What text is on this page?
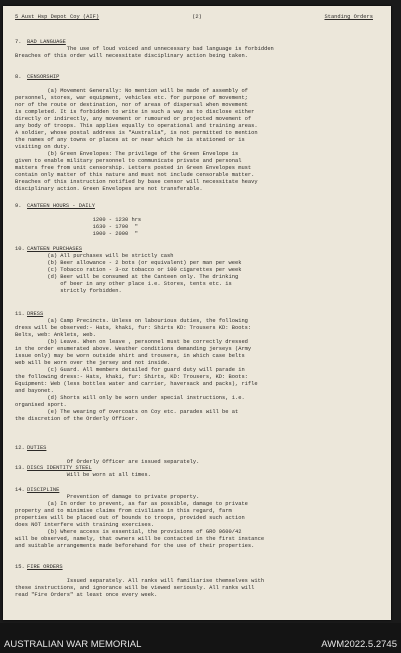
5 Aust Hsp Depot Coy (AIF)	(2)	Standing Orders
7. BAD LANGUAGE
The use of loud voiced and unnecessary bad language is forbidden
Breaches of this order will necessitate disciplinary action being taken.
8. CENSORSHIP
(a) Movement Generally: No mention will be made of assembly of
personnel, stores, war equipment, vehicles etc. for purpose of movement;
nor of the route or destination, nor of areas of dispersal when movement
is completed. It is forbidden to write in such a way as to disclose either
directly or indirectly, any movement or rumoured or projected movement of
any body of troops. This applies equally to operational and training areas.
A soldier, whose postal address is "Australia", is not permitted to mention
the names of any towns or places at or near which he is stationed or is
visiting on duty.
(b) Green Envelopes: The privilege of the Green Envelope is
given to enable military personnel to communicate private and personal
matters free from unit censorship. Letters posted in Green Envelopes must
contain only matter of this nature and must not include censorable matter.
Breaches of this instruction notified by base censor will necessitate heavy
disciplinary action. Green Envelopes are not transferable.
9. CANTEEN HOURS - DAILY
1200 - 1230 hrs
1630 - 1700  "
1900 - 2000  "
10. CANTEEN PURCHASES
(a) All purchases will be strictly cash
(b) Beer allowance - 2 bots (or equivalent) per man per week
(c) Tobacco ration - 3-oz tobacco or 100 cigarettes per week
(d) Beer will be consumed at the Canteen only. The drinking
of beer in any other place i.e. Stores, tents etc. is
strictly forbidden.
11. DRESS
(a) Camp Precincts. Unless on labourious duties, the following
dress will be observed:- Hats, khaki, fur: Shirts KD: Trousers KD: Boots:
Belts, web: Anklets, web.
(b) Leave. When on leave , personnel must be correctly dressed
in the order enumerated above. Weather conditions demanding jerseys (Army
issue only) may be worn outside shirt and trousers, in which case belts
web will be worn over the jersey and not inside.
(c) Guard. All members detailed for guard duty will parade in
the following dress:- Hats, khaki, fur: Shirts, KD: Trousers, KD: Boots:
Equipment: Web (less bottles water and carrier, haversack and packs), rifle
and bayonet.
(d) Shorts will only be worn under special instructions, i.e.
organised sport.
(e) The wearing of overcoats on Coy etc. parades will be at
the discretion of the Orderly Officer.
12. DUTIES
Of Orderly Officer are issued separately.
13. DISCS IDENTITY STEEL
Will be worn at all times.
14. DISCIPLINE
Prevention of damage to private property.
(a) In order to prevent, as far as possible, damage to private
property and to minimise claims from civilians in this regard, farm
properties will be placed out of bounds to troops, provided such action
does NOT interfere with training exercises.
(b) Where access is essential, the provisions of GRO 0600/42
will be observed, namely, that owners will be contacted in the first instance
and suitable arrangements made beforehand for the use of their properties.
15. FIRE ORDERS
Issued separately. All ranks will familiarise themselves with
these instructions, and ignorance will be viewed seriously. All ranks will
read "Fire Orders" at least once every week.
AUSTRALIAN WAR MEMORIAL	AWM2022.5.2745
